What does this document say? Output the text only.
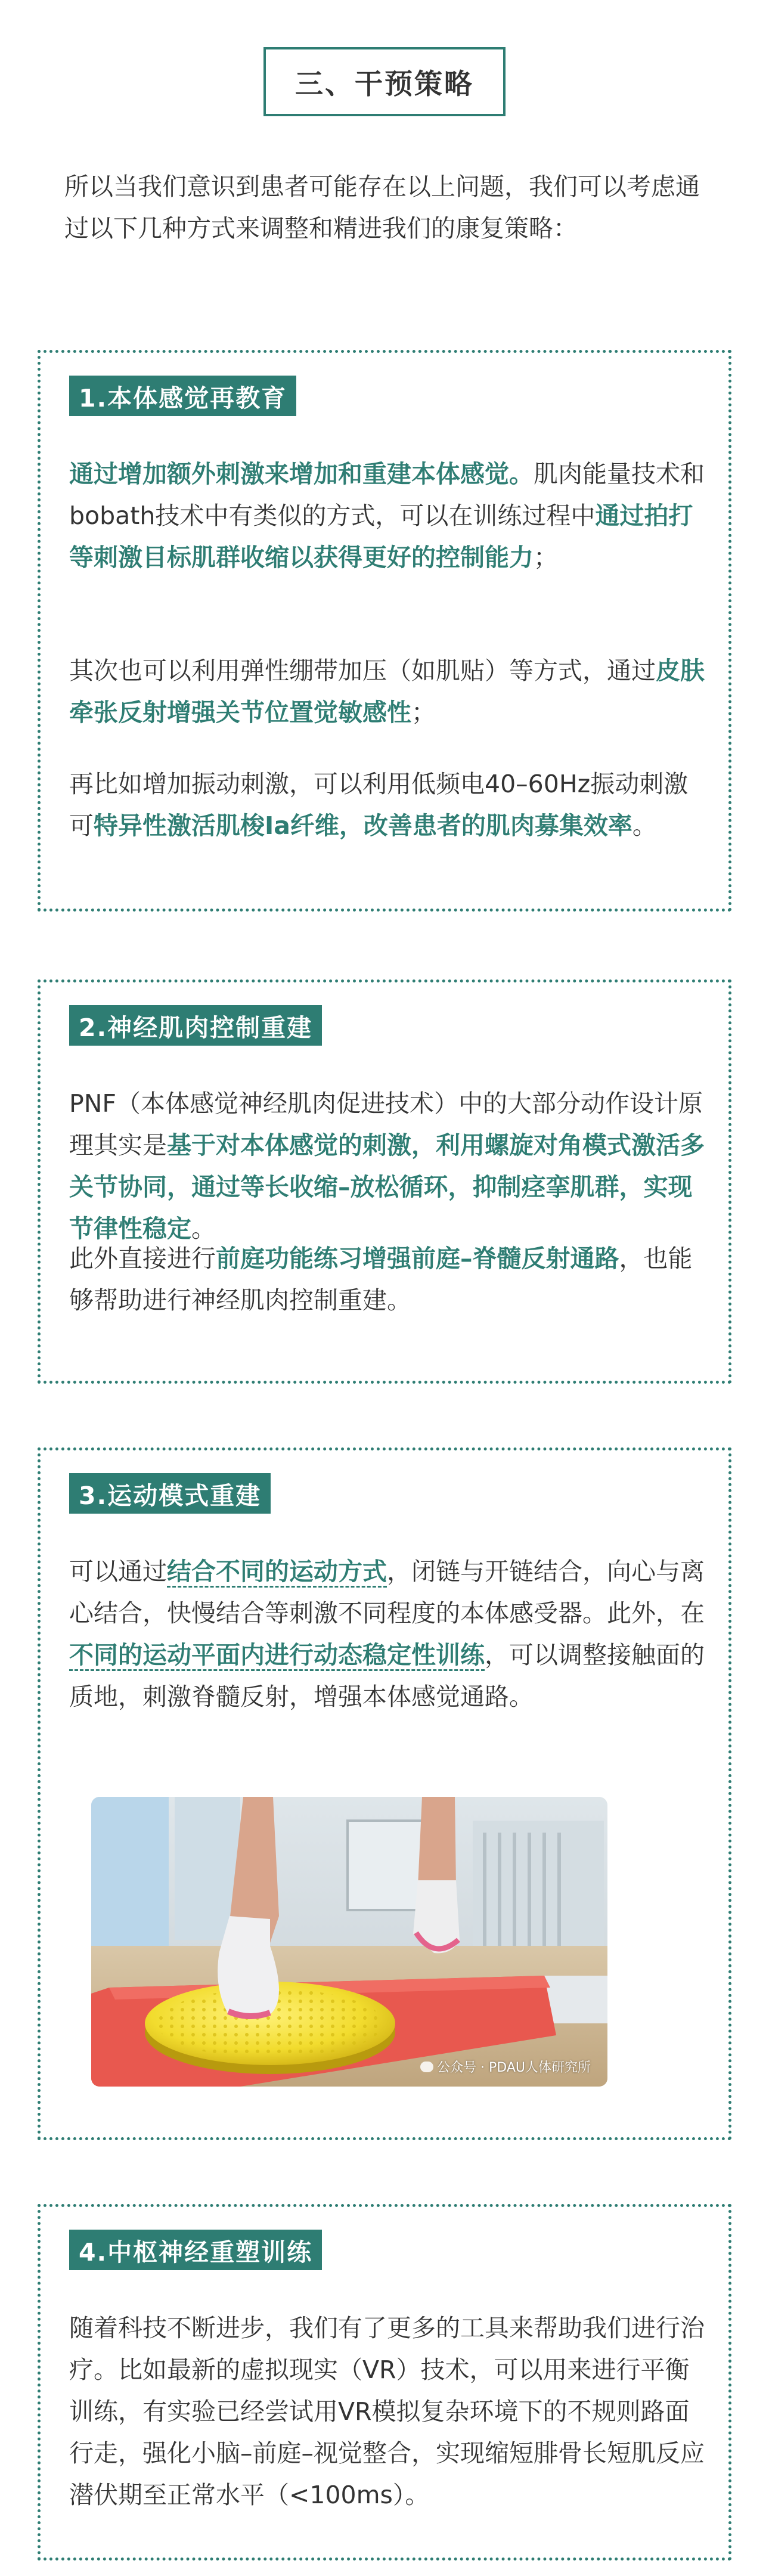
三、干预策略

所以当我们意识到患者可能存在以上问题，我们可以考虑通过以下几种方式来调整和精进我们的康复策略：

1.本体感觉再教育

通过增加额外刺激来增加和重建本体感觉。肌肉能量技术和bobath技术中有类似的方式，可以在训练过程中通过拍打等刺激目标肌群收缩以获得更好的控制能力；

其次也可以利用弹性绷带加压（如肌贴）等方式，通过皮肤牵张反射增强关节位置觉敏感性；

再比如增加振动刺激，可以利用低频电40–60Hz振动刺激可特异性激活肌梭Ia纤维，改善患者的肌肉募集效率。

2.神经肌肉控制重建

PNF（本体感觉神经肌肉促进技术）中的大部分动作设计原理其实是基于对本体感觉的刺激，利用螺旋对角模式激活多关节协同，通过等长收缩–放松循环，抑制痉挛肌群，实现节律性稳定。

此外直接进行前庭功能练习增强前庭–脊髓反射通路，也能够帮助进行神经肌肉控制重建。

3.运动模式重建

可以通过结合不同的运动方式，闭链与开链结合，向心与离心结合，快慢结合等刺激不同程度的本体感受器。此外，在不同的运动平面内进行动态稳定性训练，可以调整接触面的质地，刺激脊髓反射，增强本体感觉通路。

公众号 · PDAU人体研究所
4.中枢神经重塑训练

随着科技不断进步，我们有了更多的工具来帮助我们进行治疗。比如最新的虚拟现实（VR）技术，可以用来进行平衡训练，有实验已经尝试用VR模拟复杂环境下的不规则路面行走，强化小脑–前庭–视觉整合，实现缩短腓骨长短肌反应潜伏期至正常水平（<100ms）。
